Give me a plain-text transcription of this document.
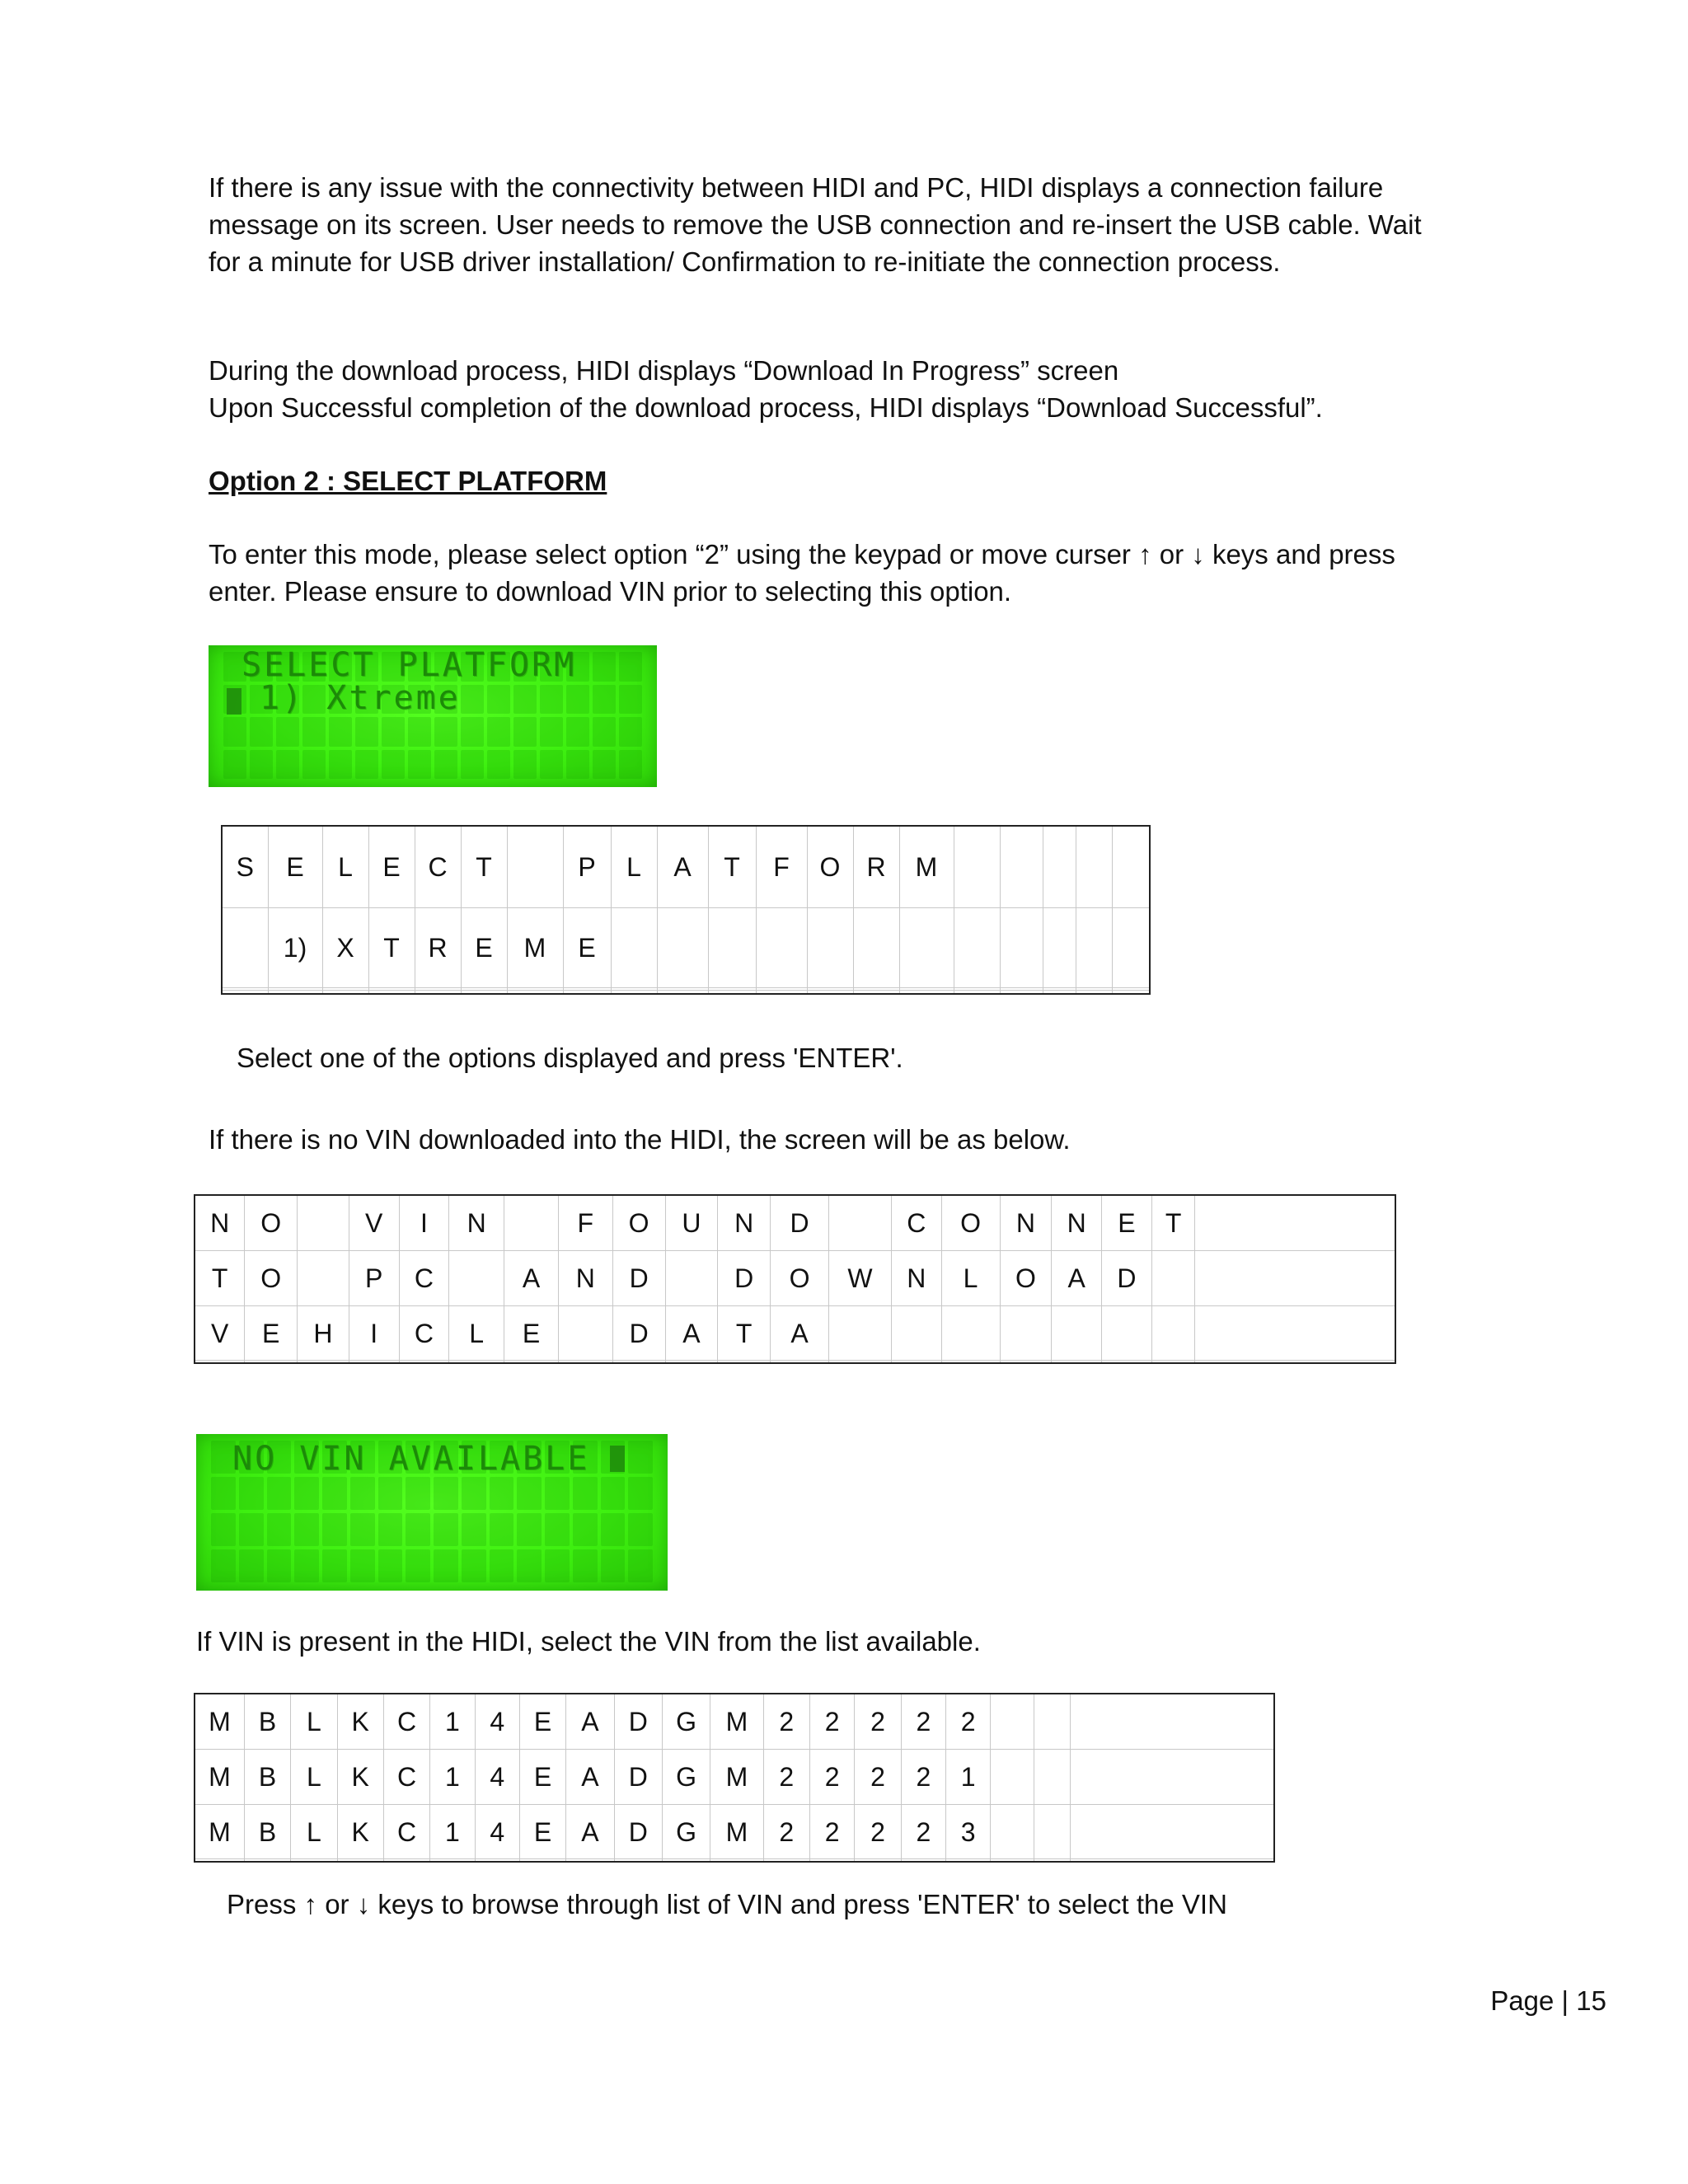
If there is any issue with the connectivity between HIDI and PC, HIDI displays a connection failure message on its screen. User needs to remove the USB connection and re-insert the USB cable. Wait for a minute for USB driver installation/ Confirmation to re-initiate the connection process.

During the download process, HIDI displays “Download In Progress” screen

Upon Successful completion of the download process, HIDI displays “Download Successful”.

Option 2 : SELECT PLATFORM

To enter this mode, please select option “2” using the keypad or move curser ↑ or ↓ keys and press enter. Please ensure to download VIN prior to selecting this option.

SELECT PLATFORM
1) Xtreme
S	E	L	E	C	T		P	L	A	T	F	O	R	M					
	1)	X	T	R	E	M	E												

Select one of the options displayed and press 'ENTER'.

If there is no VIN downloaded into the HIDI, the screen will be as below.

N	O		V	I	N		F	O	U	N	D		C	O	N	N	E	T	
T	O		P	C		A	N	D		D	O	W	N	L	O	A	D		
V	E	H	I	C	L	E		D	A	T	A								

NO VIN AVAILABLE

If VIN is present in the HIDI, select the VIN from the list available.

M	B	L	K	C	1	4	E	A	D	G	M	2	2	2	2	2			
M	B	L	K	C	1	4	E	A	D	G	M	2	2	2	2	1			
M	B	L	K	C	1	4	E	A	D	G	M	2	2	2	2	3			

Press ↑ or ↓ keys to browse through list of VIN and press 'ENTER' to select the VIN

Page | 15
